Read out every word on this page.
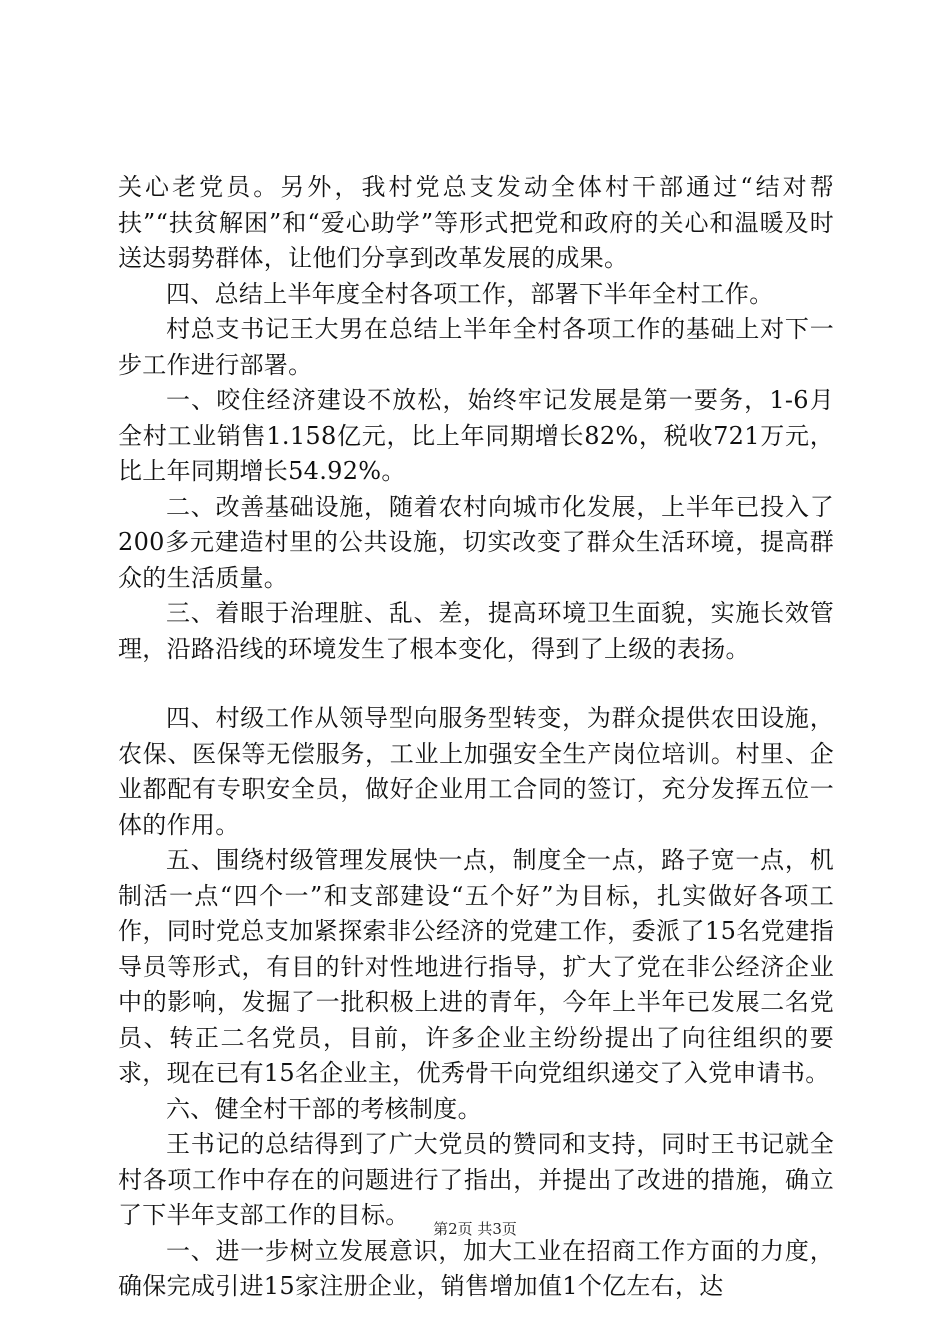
关心老党员。另外，我村党总支发动全体村干部通过“结对帮扶”“扶贫解困”和“爱心助学”等形式把党和政府的关心和温暖及时送达弱势群体，让他们分享到改革发展的成果。

四、总结上半年度全村各项工作，部署下半年全村工作。

村总支书记王大男在总结上半年全村各项工作的基础上对下一步工作进行部署。

一、咬住经济建设不放松，始终牢记发展是第一要务，1-6月全村工业销售1.158亿元，比上年同期增长82%，税收721万元，比上年同期增长54.92%。

二、改善基础设施，随着农村向城市化发展，上半年已投入了200多元建造村里的公共设施，切实改变了群众生活环境，提高群众的生活质量。

三、着眼于治理脏、乱、差，提高环境卫生面貌，实施长效管理，沿路沿线的环境发生了根本变化，得到了上级的表扬。

四、村级工作从领导型向服务型转变，为群众提供农田设施，农保、医保等无偿服务，工业上加强安全生产岗位培训。村里、企业都配有专职安全员，做好企业用工合同的签订，充分发挥五位一体的作用。

五、围绕村级管理发展快一点，制度全一点，路子宽一点，机制活一点“四个一”和支部建设“五个好”为目标，扎实做好各项工作，同时党总支加紧探索非公经济的党建工作，委派了15名党建指导员等形式，有目的针对性地进行指导，扩大了党在非公经济企业中的影响，发掘了一批积极上进的青年，今年上半年已发展二名党员、转正二名党员，目前，许多企业主纷纷提出了向往组织的要求，现在已有15名企业主，优秀骨干向党组织递交了入党申请书。

六、健全村干部的考核制度。

王书记的总结得到了广大党员的赞同和支持，同时王书记就全村各项工作中存在的问题进行了指出，并提出了改进的措施，确立了下半年支部工作的目标。

一、进一步树立发展意识，加大工业在招商工作方面的力度，确保完成引进15家注册企业，销售增加值1个亿左右，达

第2页 共3页
